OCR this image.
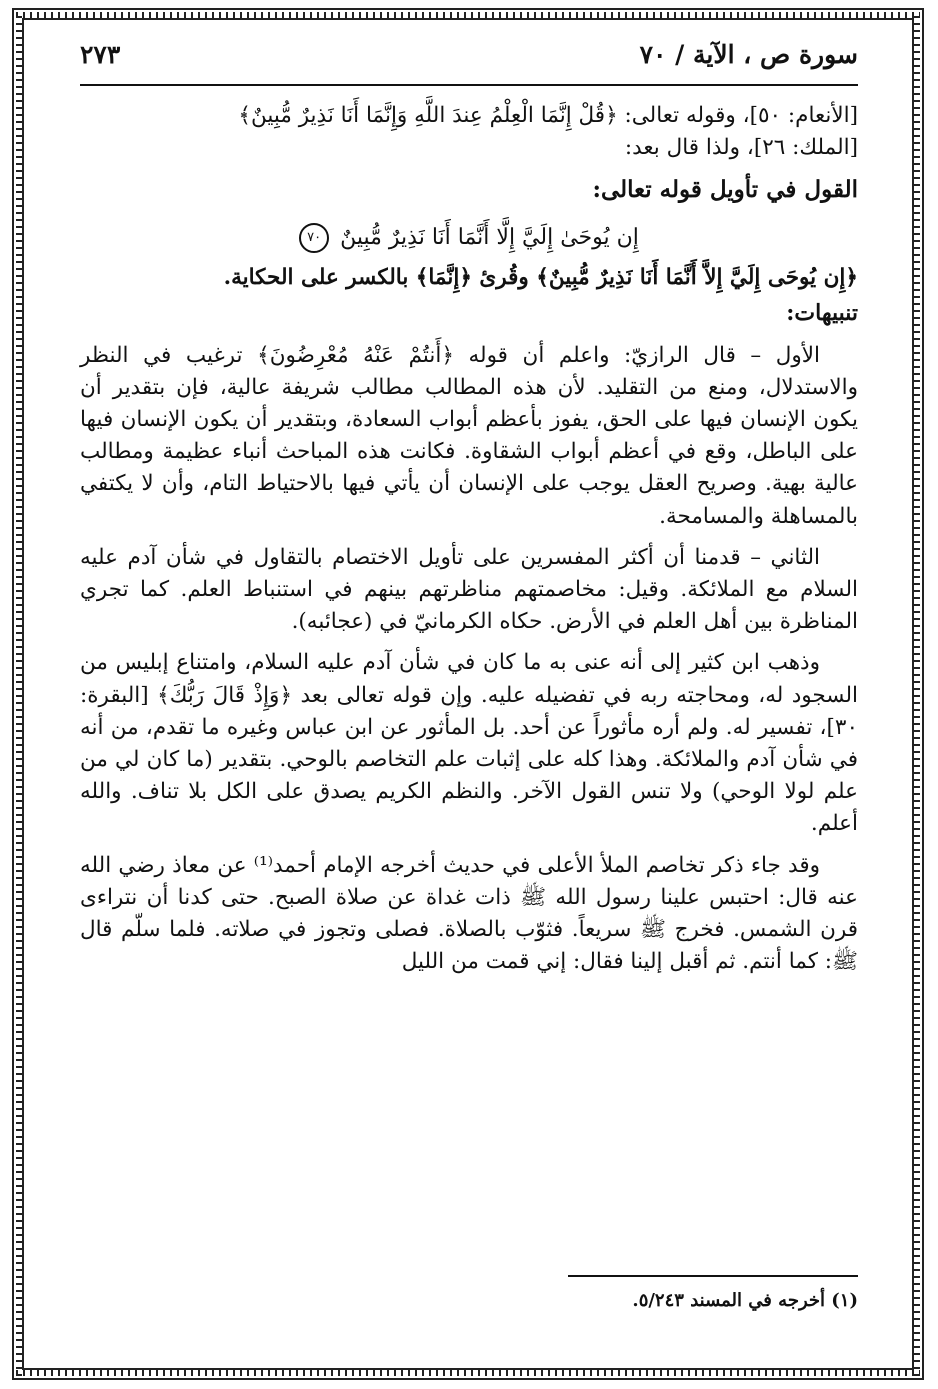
سورة ص ، الآية / ٧٠
٢٧٣

[الأنعام: ٥٠]، وقوله تعالى: ﴿قُلْ إِنَّمَا الْعِلْمُ عِندَ اللَّهِ وَإِنَّمَا أَنَا نَذِيرٌ مُّبِينٌ﴾

[الملك: ٢٦]، ولذا قال بعد:

القول في تأويل قوله تعالى:
إِن يُوحَىٰ إِلَيَّ إِلَّا أَنَّمَا أَنَا نَذِيرٌ مُّبِينٌ ٧٠

﴿إِن يُوحَى إِلَيَّ إِلاَّ أَنَّمَا أَنَا نَذِيرٌ مُّبِينٌ﴾ وقُرئ ﴿إِنَّمَا﴾ بالكسر على الحكاية.

تنبيهات:

الأول – قال الرازيّ: واعلم أن قوله ﴿أَنتُمْ عَنْهُ مُعْرِضُونَ﴾ ترغيب في النظر والاستدلال، ومنع من التقليد. لأن هذه المطالب مطالب شريفة عالية، فإن بتقدير أن يكون الإنسان فيها على الحق، يفوز بأعظم أبواب السعادة، وبتقدير أن يكون الإنسان فيها على الباطل، وقع في أعظم أبواب الشقاوة. فكانت هذه المباحث أنباء عظيمة ومطالب عالية بهية. وصريح العقل يوجب على الإنسان أن يأتي فيها بالاحتياط التام، وأن لا يكتفي بالمساهلة والمسامحة.

الثاني – قدمنا أن أكثر المفسرين على تأويل الاختصام بالتقاول في شأن آدم عليه السلام مع الملائكة. وقيل: مخاصمتهم مناظرتهم بينهم في استنباط العلم. كما تجري المناظرة بين أهل العلم في الأرض. حكاه الكرمانيّ في (عجائبه).

وذهب ابن كثير إلى أنه عنى به ما كان في شأن آدم عليه السلام، وامتناع إبليس من السجود له، ومحاجته ربه في تفضيله عليه. وإن قوله تعالى بعد ﴿وَإِذْ قَالَ رَبُّكَ﴾ [البقرة: ٣٠]، تفسير له. ولم أره مأثوراً عن أحد. بل المأثور عن ابن عباس وغيره ما تقدم، من أنه في شأن آدم والملائكة. وهذا كله على إثبات علم التخاصم بالوحي. بتقدير (ما كان لي من علم لولا الوحي) ولا تنس القول الآخر. والنظم الكريم يصدق على الكل بلا تناف. والله أعلم.

وقد جاء ذكر تخاصم الملأ الأعلى في حديث أخرجه الإمام أحمد⁽¹⁾ عن معاذ رضي الله عنه قال: احتبس علينا رسول الله ﷺ ذات غداة عن صلاة الصبح. حتى كدنا أن نتراءى قرن الشمس. فخرج ﷺ سريعاً. فثوّب بالصلاة. فصلى وتجوز في صلاته. فلما سلّم قال ﷺ: كما أنتم. ثم أقبل إلينا فقال: إني قمت من الليل

(١) أخرجه في المسند ٥/٢٤٣.
